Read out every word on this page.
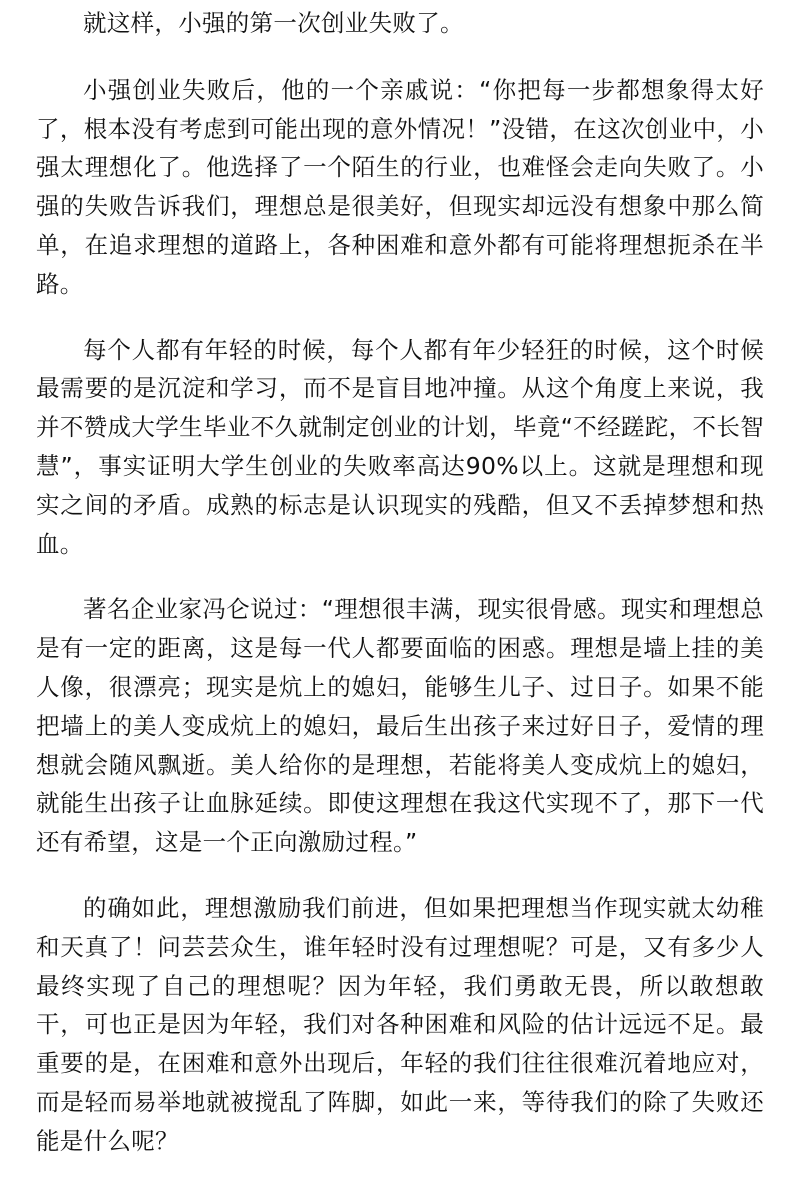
就这样，小强的第一次创业失败了。

小强创业失败后，他的一个亲戚说：“你把每一步都想象得太好了，根本没有考虑到可能出现的意外情况！”没错，在这次创业中，小强太理想化了。他选择了一个陌生的行业，也难怪会走向失败了。小强的失败告诉我们，理想总是很美好，但现实却远没有想象中那么简单，在追求理想的道路上，各种困难和意外都有可能将理想扼杀在半路。

每个人都有年轻的时候，每个人都有年少轻狂的时候，这个时候最需要的是沉淀和学习，而不是盲目地冲撞。从这个角度上来说，我并不赞成大学生毕业不久就制定创业的计划，毕竟“不经蹉跎，不长智慧”，事实证明大学生创业的失败率高达90%以上。这就是理想和现实之间的矛盾。成熟的标志是认识现实的残酷，但又不丢掉梦想和热血。

著名企业家冯仑说过：“理想很丰满，现实很骨感。现实和理想总是有一定的距离，这是每一代人都要面临的困惑。理想是墙上挂的美人像，很漂亮；现实是炕上的媳妇，能够生儿子、过日子。如果不能把墙上的美人变成炕上的媳妇，最后生出孩子来过好日子，爱情的理想就会随风飘逝。美人给你的是理想，若能将美人变成炕上的媳妇，就能生出孩子让血脉延续。即使这理想在我这代实现不了，那下一代还有希望，这是一个正向激励过程。”

的确如此，理想激励我们前进，但如果把理想当作现实就太幼稚和天真了！问芸芸众生，谁年轻时没有过理想呢？可是，又有多少人最终实现了自己的理想呢？因为年轻，我们勇敢无畏，所以敢想敢干，可也正是因为年轻，我们对各种困难和风险的估计远远不足。最重要的是，在困难和意外出现后，年轻的我们往往很难沉着地应对，而是轻而易举地就被搅乱了阵脚，如此一来，等待我们的除了失败还能是什么呢？
